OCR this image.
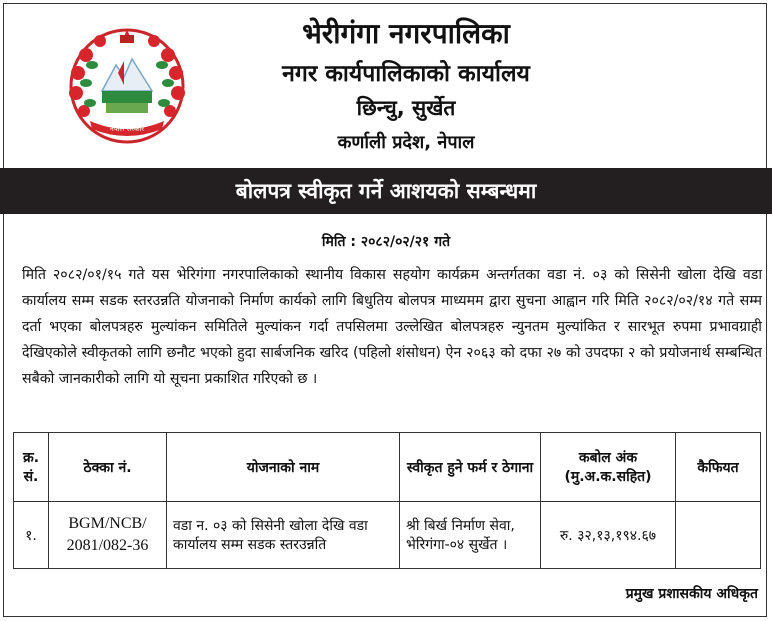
नेपाल सरकार
भेरीगंगा नगरपालिका
नगर कार्यपालिकाको कार्यालय
छिन्चु, सुर्खेत
कर्णाली प्रदेश, नेपाल
बोलपत्र स्वीकृत गर्ने आशयको सम्बन्धमा
मिति : २०८२/०२/२१ गते
मिति २०८२/०१/१५ गते यस भेरिगंगा नगरपालिकाको स्थानीय विकास सहयोग कार्यक्रम अन्तर्गतका वडा नं. ०३ को सिसेनी खोला देखि वडा कार्यालय सम्म सडक स्तरउन्नति योजनाको निर्माण कार्यको लागि बिधुतिय बोलपत्र माध्यमम द्वारा सुचना आह्वान गरि मिति २०८२/०२/१४ गते सम्म दर्ता भएका बोलपत्रहरु मुल्यांकन समितिले मुल्यांकन गर्दा तपसिलमा उल्लेखित बोलपत्रहरु न्युनतम मुल्यांकित र सारभूत रुपमा प्रभावग्राही देखिएकोले स्वीकृतको लागि छनौट भएको हुदा सार्बजनिक खरिद (पहिलो शंसोधन) ऐन २०६३ को दफा २७ को उपदफा २ को प्रयोजनार्थ सम्बन्धित सबैको जानकारीको लागि यो सूचना प्रकाशित गरिएको छ ।
क्र. सं.	ठेक्का नं.	योजनाको नाम	स्वीकृत हुने फर्म र ठेगाना	कबोल अंक (मु.अ.क.सहित)	कैफियत
१.	BGM/NCB/ 2081/082-36	वडा न. ०३ को सिसेनी खोला देखि वडा कार्यालय सम्म सडक स्तरउन्नति	श्री बिर्ख निर्माण सेवा, भेरिगंगा-०४ सुर्खेत ।	रु. ३२,१३,१९४.६७	
प्रमुख प्रशासकीय अधिकृत
